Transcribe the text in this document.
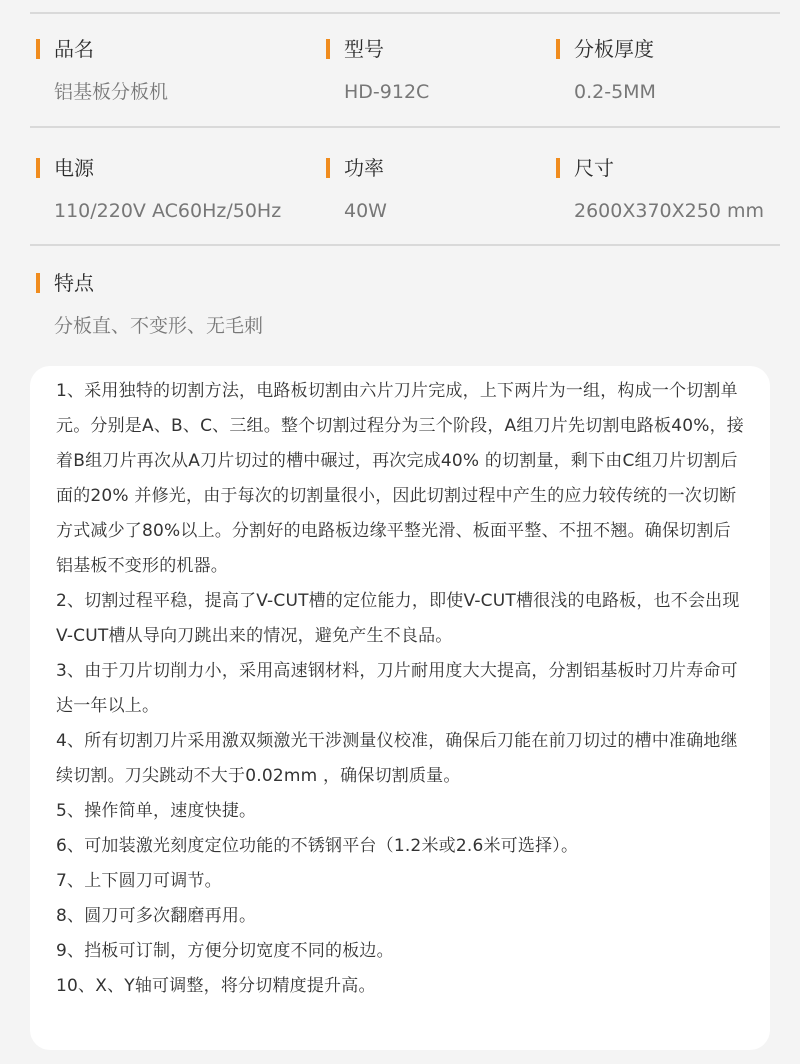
品名
铝基板分板机
型号
HD-912C
分板厚度
0.2-5MM
电源
110/220V AC60Hz/50Hz
功率
40W
尺寸
2600X370X250 mm
特点
分板直、不变形、无毛刺

1、采用独特的切割方法，电路板切割由六片刀片完成，上下两片为一组，构成一个切割单元。分别是A、B、C、三组。整个切割过程分为三个阶段，A组刀片先切割电路板40%，接着B组刀片再次从A刀片切过的槽中碾过，再次完成40% 的切割量，剩下由C组刀片切割后面的20% 并修光，由于每次的切割量很小，因此切割过程中产生的应力较传统的一次切断方式减少了80%以上。分割好的电路板边缘平整光滑、板面平整、不扭不翘。确保切割后铝基板不变形的机器。

2、切割过程平稳，提高了V-CUT槽的定位能力，即使V-CUT槽很浅的电路板，也不会出现V-CUT槽从导向刀跳出来的情况，避免产生不良品。

3、由于刀片切削力小，采用高速钢材料，刀片耐用度大大提高，分割铝基板时刀片寿命可达一年以上。

4、所有切割刀片采用激双频激光干涉测量仪校准，确保后刀能在前刀切过的槽中准确地继续切割。刀尖跳动不大于0.02mm ，确保切割质量。

5、操作简单，速度快捷。

6、可加装激光刻度定位功能的不锈钢平台（1.2米或2.6米可选择）。

7、上下圆刀可调节。

8、圆刀可多次翻磨再用。

9、挡板可订制，方便分切宽度不同的板边。

10、X、Y轴可调整，将分切精度提升高。
